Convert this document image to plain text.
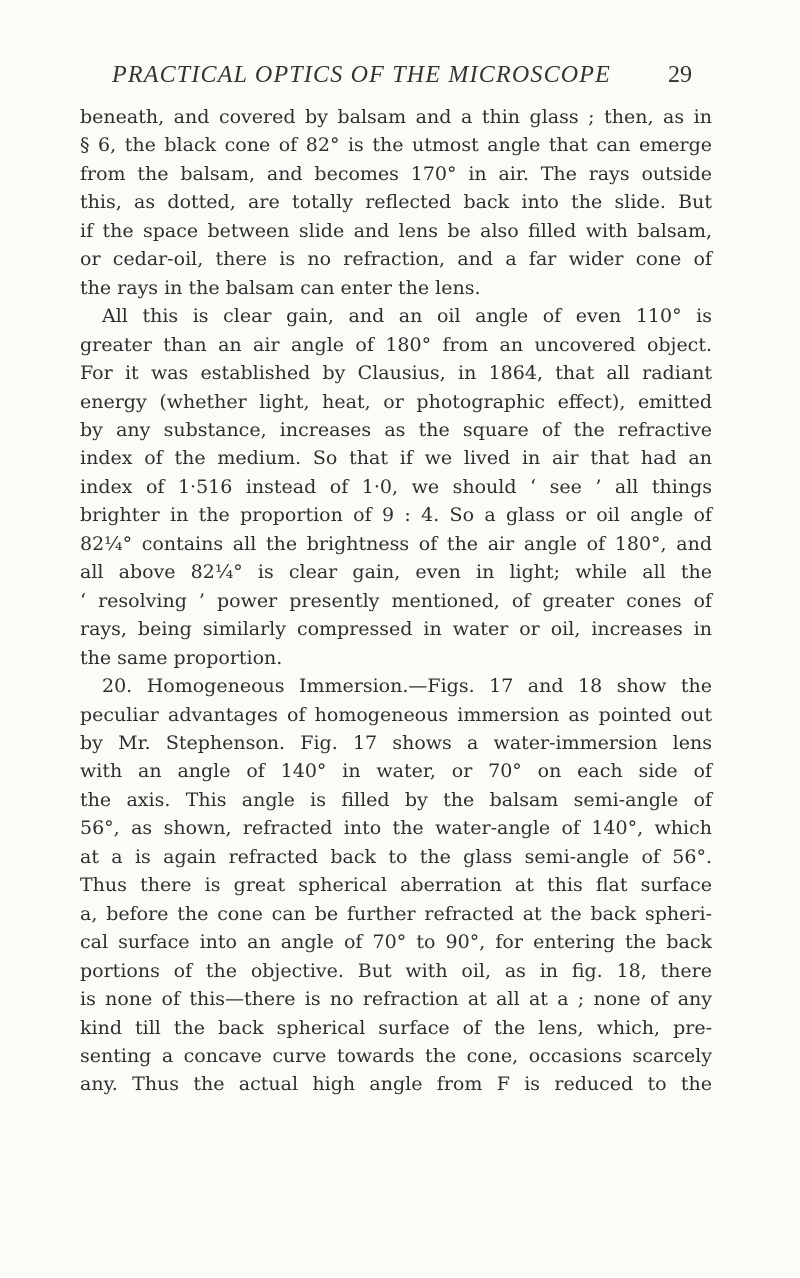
PRACTICAL OPTICS OF THE MICROSCOPE 29
beneath, and covered by balsam and a thin glass ; then, as in
§ 6, the black cone of 82° is the utmost angle that can emerge
from the balsam, and becomes 170° in air. The rays outside
this, as dotted, are totally reflected back into the slide. But
if the space between slide and lens be also filled with balsam,
or cedar-oil, there is no refraction, and a far wider cone of
the rays in the balsam can enter the lens.
All this is clear gain, and an oil angle of even 110° is
greater than an air angle of 180° from an uncovered object.
For it was established by Clausius, in 1864, that all radiant
energy (whether light, heat, or photographic effect), emitted
by any substance, increases as the square of the refractive
index of the medium. So that if we lived in air that had an
index of 1·516 instead of 1·0, we should ‘ see ’ all things
brighter in the proportion of 9 : 4. So a glass or oil angle of
82¼° contains all the brightness of the air angle of 180°, and
all above 82¼° is clear gain, even in light; while all the
‘ resolving ’ power presently mentioned, of greater cones of
rays, being similarly compressed in water or oil, increases in
the same proportion.
20. Homogeneous Immersion.—Figs. 17 and 18 show the
peculiar advantages of homogeneous immersion as pointed out
by Mr. Stephenson. Fig. 17 shows a water-immersion lens
with an angle of 140° in water, or 70° on each side of
the axis. This angle is filled by the balsam semi-angle of
56°, as shown, refracted into the water-angle of 140°, which
at a is again refracted back to the glass semi-angle of 56°.
Thus there is great spherical aberration at this flat surface
a, before the cone can be further refracted at the back spheri-
cal surface into an angle of 70° to 90°, for entering the back
portions of the objective. But with oil, as in fig. 18, there
is none of this—there is no refraction at all at a ; none of any
kind till the back spherical surface of the lens, which, pre-
senting a concave curve towards the cone, occasions scarcely
any. Thus the actual high angle from F is reduced to the
